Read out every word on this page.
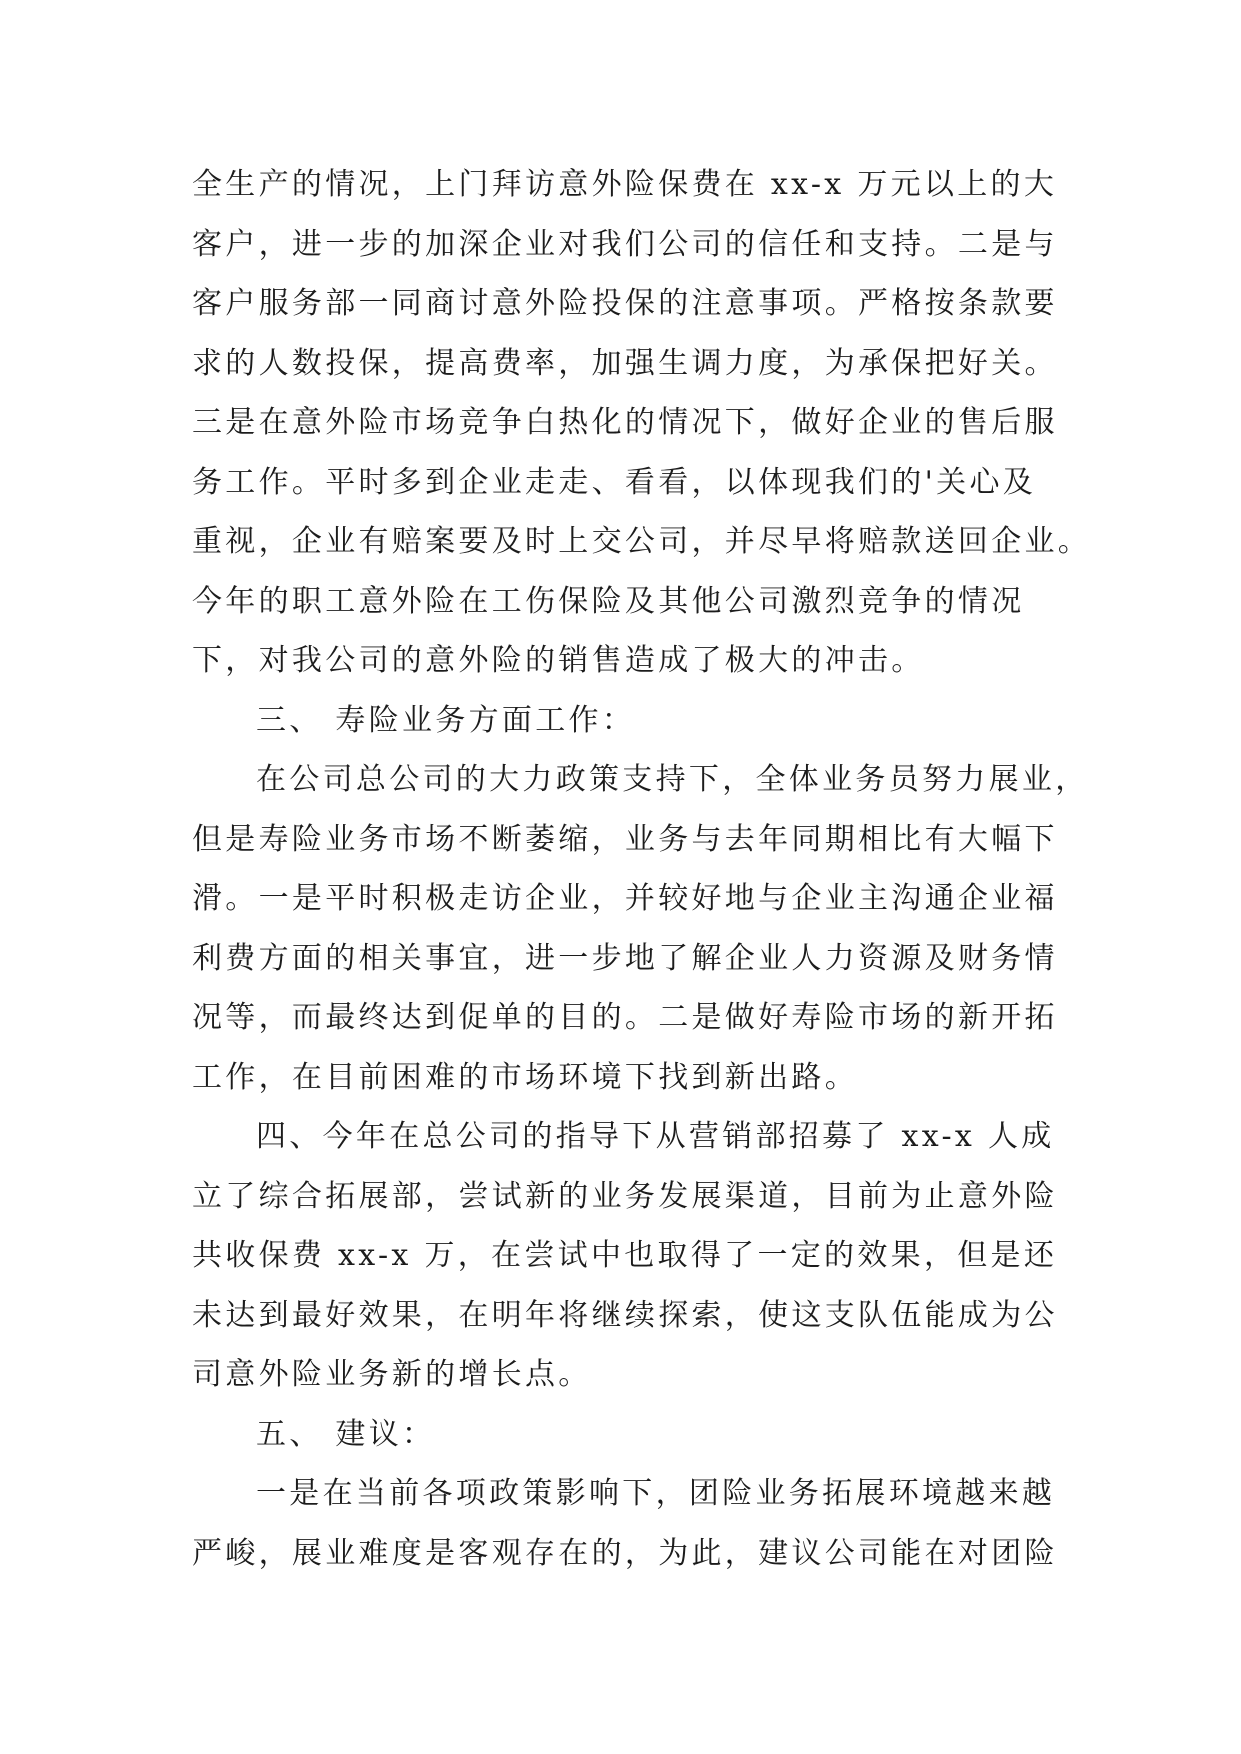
全生产的情况，上门拜访意外险保费在 xx-x 万元以上的大
客户，进一步的加深企业对我们公司的信任和支持。二是与
客户服务部一同商讨意外险投保的注意事项。严格按条款要
求的人数投保，提高费率，加强生调力度，为承保把好关。
三是在意外险市场竞争白热化的情况下，做好企业的售后服
务工作。平时多到企业走走、看看，以体现我们的'关心及
重视，企业有赔案要及时上交公司，并尽早将赔款送回企业。
今年的职工意外险在工伤保险及其他公司激烈竞争的情况
下，对我公司的意外险的销售造成了极大的冲击。
三、 寿险业务方面工作：
在公司总公司的大力政策支持下，全体业务员努力展业，
但是寿险业务市场不断萎缩，业务与去年同期相比有大幅下
滑。一是平时积极走访企业，并较好地与企业主沟通企业福
利费方面的相关事宜，进一步地了解企业人力资源及财务情
况等，而最终达到促单的目的。二是做好寿险市场的新开拓
工作，在目前困难的市场环境下找到新出路。
四、今年在总公司的指导下从营销部招募了 xx-x 人成
立了综合拓展部，尝试新的业务发展渠道，目前为止意外险
共收保费 xx-x 万，在尝试中也取得了一定的效果，但是还
未达到最好效果，在明年将继续探索，使这支队伍能成为公
司意外险业务新的增长点。
五、 建议：
一是在当前各项政策影响下，团险业务拓展环境越来越
严峻，展业难度是客观存在的，为此，建议公司能在对团险
